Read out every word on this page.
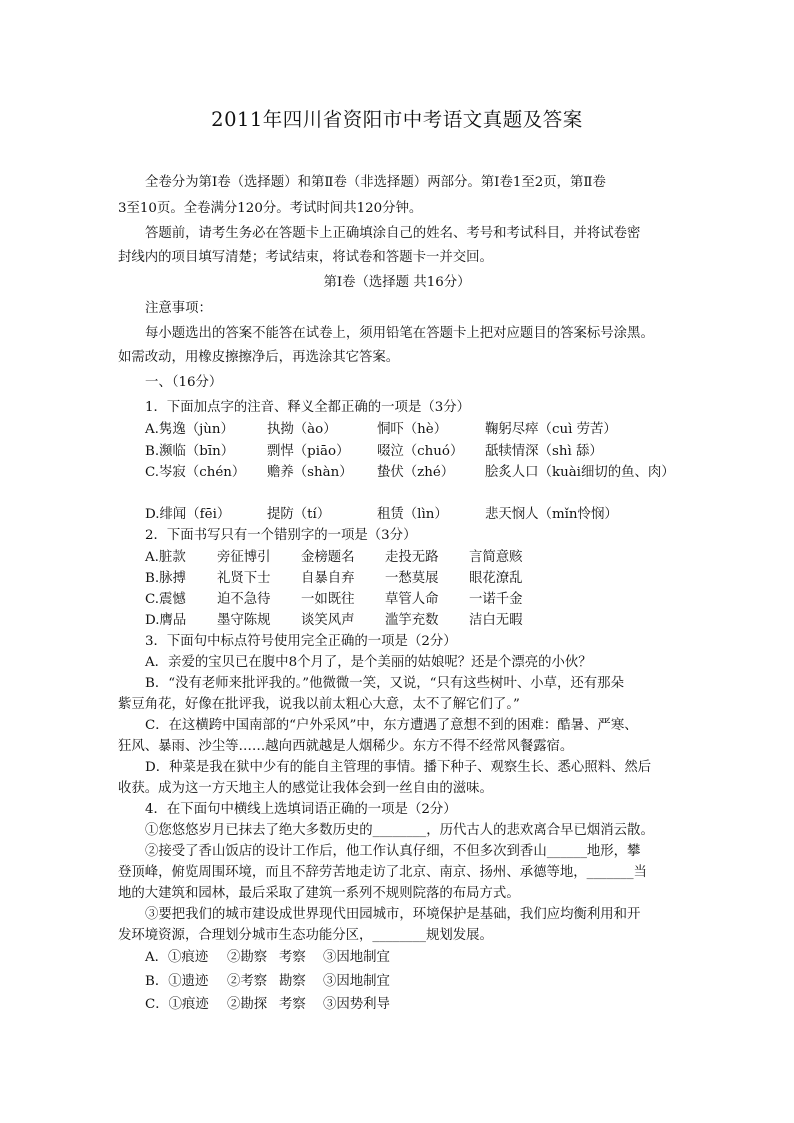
2011年四川省资阳市中考语文真题及答案
全卷分为第Ⅰ卷（选择题）和第Ⅱ卷（非选择题）两部分。第Ⅰ卷1至2页，第Ⅱ卷
3至10页。全卷满分120分。考试时间共120分钟。
答题前，请考生务必在答题卡上正确填涂自己的姓名、考号和考试科目，并将试卷密
封线内的项目填写清楚；考试结束，将试卷和答题卡一并交回。
第Ⅰ卷（选择题 共16分）
注意事项：
每小题选出的答案不能答在试卷上，须用铅笔在答题卡上把对应题目的答案标号涂黑。
如需改动，用橡皮擦擦净后，再选涂其它答案。
一、（16分）
1．下面加点字的注音、释义全都正确的一项是（3分）
A.隽逸（jùn） 执拗（ào）	恫吓（hè）	鞠躬尽瘁（cuì 劳苦）
B.濒临（bīn） 剽悍（piāo） 啜泣（chuó） 舐犊情深（shì 舔）
C.岑寂（chén） 赡养（shàn） 蛰伏（zhé） 脍炙人口（kuài细切的鱼、肉）
D.绯闻（fēi）	提防（tí）	租赁（lìn）	悲天悯人（mǐn怜悯）
2．下面书写只有一个错别字的一项是（3分）
A.脏款 旁征博引 金榜题名 走投无路 言简意赅
B.脉搏 礼贤下士 自暴自弃 一愁莫展 眼花潦乱
C.震憾 迫不急待 一如既往 草管人命 一诺千金
D.膺品 墨守陈规 谈笑风声 滥竽充数 洁白无暇
3．下面句中标点符号使用完全正确的一项是（2分）
A．亲爱的宝贝已在腹中8个月了，是个美丽的姑娘呢？还是个漂亮的小伙？
B．“没有老师来批评我的。”他微微一笑，又说，“只有这些树叶、小草，还有那朵
紫豆角花，好像在批评我，说我以前太粗心大意，太不了解它们了。”
C．在这横跨中国南部的“户外采风”中，东方遭遇了意想不到的困难：酷暑、严寒、
狂风、暴雨、沙尘等……越向西就越是人烟稀少。东方不得不经常风餐露宿。
D．种菜是我在狱中少有的能自主管理的事情。播下种子、观察生长、悉心照料、然后
收获。成为这一方天地主人的感觉让我体会到一丝自由的滋味。
4．在下面句中横线上选填词语正确的一项是（2分）
①您悠悠岁月已抹去了绝大多数历史的________，历代古人的悲欢离合早已烟消云散。
②接受了香山饭店的设计工作后，他工作认真仔细，不但多次到香山______地形，攀
登顶峰，俯览周围环境，而且不辞劳苦地走访了北京、南京、扬州、承德等地，_______当
地的大建筑和园林，最后采取了建筑一系列不规则院落的布局方式。
③要把我们的城市建设成世界现代田园城市，环境保护是基础，我们应均衡利用和开
发环境资源，合理划分城市生态功能分区，________规划发展。
A．①痕迹 ②勘察 考察 ③因地制宜
B．①遗迹 ②考察 勘察 ③因地制宜
C．①痕迹 ②勘探 考察 ③因势利导
